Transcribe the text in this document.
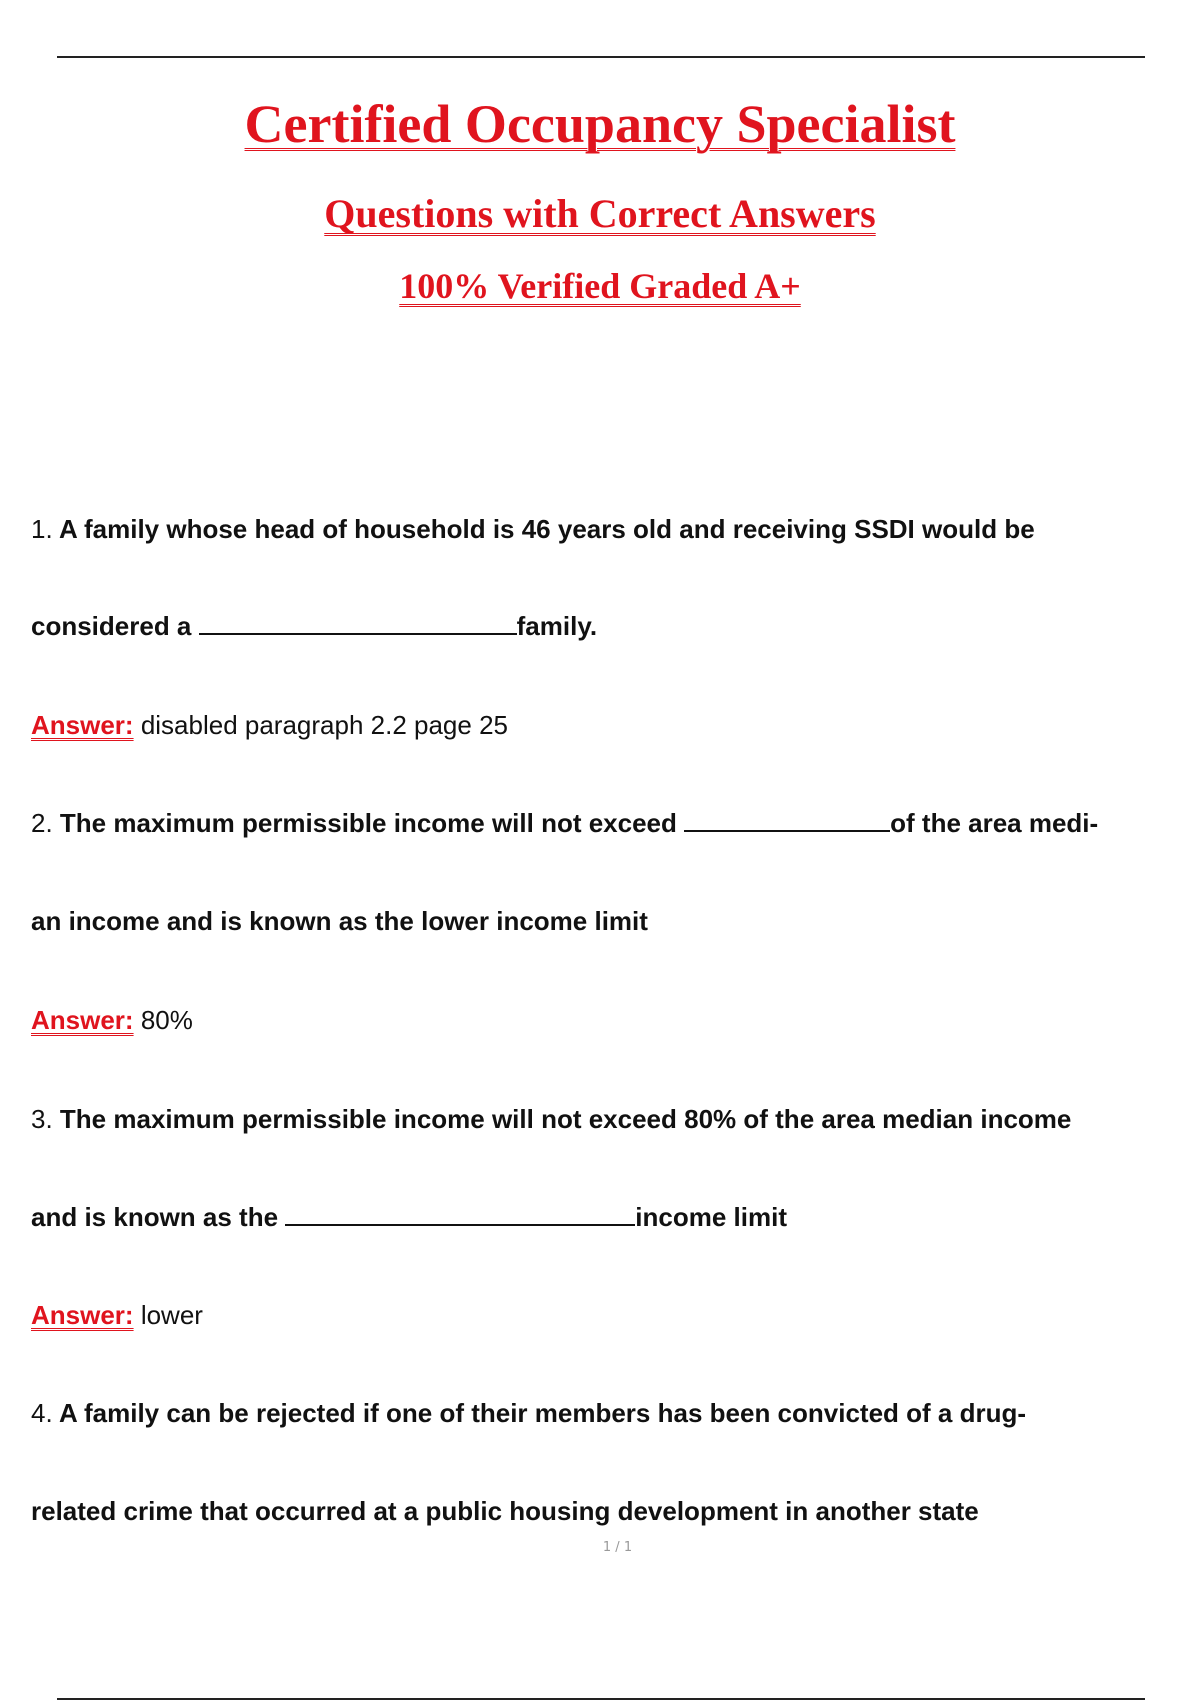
Certified Occupancy Specialist
Questions with Correct Answers
100% Verified Graded A+
1. A family whose head of household is 46 years old and receiving SSDI would be
considered a	family.
Answer: disabled paragraph 2.2 page 25
2. The maximum permissible income will not exceed	of the area medi-
an income and is known as the lower income limit
Answer: 80%
3. The maximum permissible income will not exceed 80% of the area median income
and is known as the	income limit
Answer: lower
4. A family can be rejected if one of their members has been convicted of a drug-
related crime that occurred at a public housing development in another state
1 / 1
